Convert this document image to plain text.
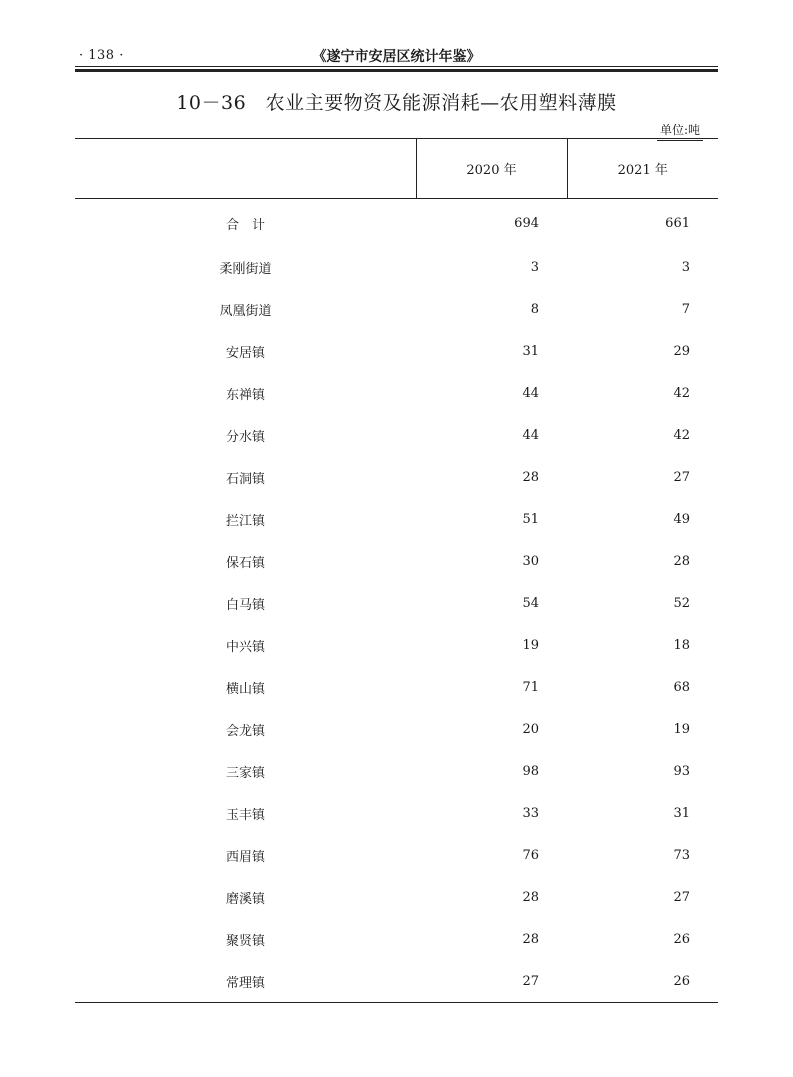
· 138 ·	《遂宁市安居区统计年鉴》
10－36　农业主要物资及能源消耗—农用塑料薄膜
单位:吨
	2020 年	2021 年
合　计	694	661
柔刚街道	3	3
凤凰街道	8	7
安居镇	31	29
东禅镇	44	42
分水镇	44	42
石洞镇	28	27
拦江镇	51	49
保石镇	30	28
白马镇	54	52
中兴镇	19	18
横山镇	71	68
会龙镇	20	19
三家镇	98	93
玉丰镇	33	31
西眉镇	76	73
磨溪镇	28	27
聚贤镇	28	26
常理镇	27	26
